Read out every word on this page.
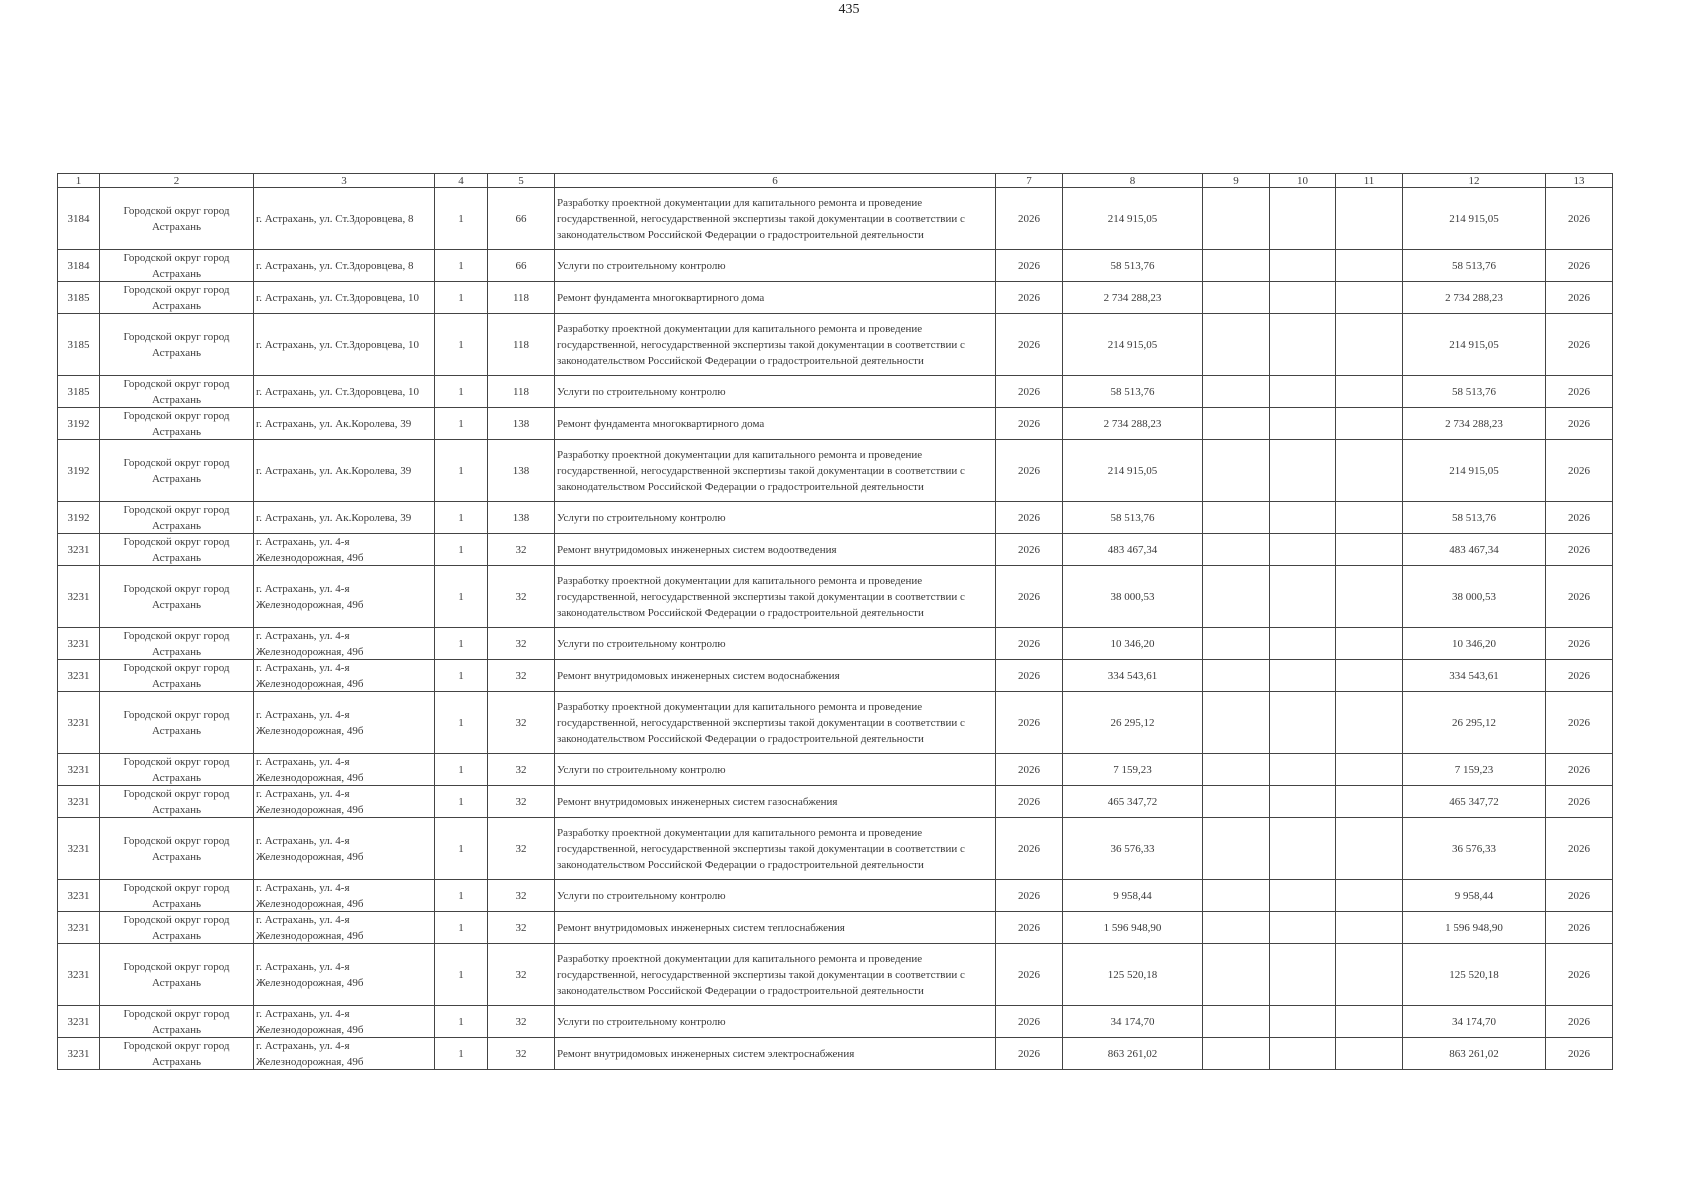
435
1	2	3	4	5	6	7	8	9	10	11	12	13

3184	Городской округ город Астрахань	г. Астрахань, ул. Ст.Здоровцева, 8	1	66	Разработку проектной документации для капитального ремонта и проведение государственной, негосударственной экспертизы такой документации в соответствии с законодательством Российской Федерации о градостроительной деятельности	2026	214 915,05				214 915,05	2026

3184	Городской округ город Астрахань	г. Астрахань, ул. Ст.Здоровцева, 8	1	66	Услуги по строительному контролю	2026	58 513,76				58 513,76	2026

3185	Городской округ город Астрахань	г. Астрахань, ул. Ст.Здоровцева, 10	1	118	Ремонт фундамента многоквартирного дома	2026	2 734 288,23				2 734 288,23	2026

3185	Городской округ город Астрахань	г. Астрахань, ул. Ст.Здоровцева, 10	1	118	Разработку проектной документации для капитального ремонта и проведение государственной, негосударственной экспертизы такой документации в соответствии с законодательством Российской Федерации о градостроительной деятельности	2026	214 915,05				214 915,05	2026

3185	Городской округ город Астрахань	г. Астрахань, ул. Ст.Здоровцева, 10	1	118	Услуги по строительному контролю	2026	58 513,76				58 513,76	2026

3192	Городской округ город Астрахань	г. Астрахань, ул. Ак.Королева, 39	1	138	Ремонт фундамента многоквартирного дома	2026	2 734 288,23				2 734 288,23	2026

3192	Городской округ город Астрахань	г. Астрахань, ул. Ак.Королева, 39	1	138	Разработку проектной документации для капитального ремонта и проведение государственной, негосударственной экспертизы такой документации в соответствии с законодательством Российской Федерации о градостроительной деятельности	2026	214 915,05				214 915,05	2026

3192	Городской округ город Астрахань	г. Астрахань, ул. Ак.Королева, 39	1	138	Услуги по строительному контролю	2026	58 513,76				58 513,76	2026

3231	Городской округ город Астрахань	г. Астрахань, ул. 4-я Железнодорожная, 49б	1	32	Ремонт внутридомовых инженерных систем водоотведения	2026	483 467,34				483 467,34	2026

3231	Городской округ город Астрахань	г. Астрахань, ул. 4-я Железнодорожная, 49б	1	32	Разработку проектной документации для капитального ремонта и проведение государственной, негосударственной экспертизы такой документации в соответствии с законодательством Российской Федерации о градостроительной деятельности	2026	38 000,53				38 000,53	2026

3231	Городской округ город Астрахань	г. Астрахань, ул. 4-я Железнодорожная, 49б	1	32	Услуги по строительному контролю	2026	10 346,20				10 346,20	2026

3231	Городской округ город Астрахань	г. Астрахань, ул. 4-я Железнодорожная, 49б	1	32	Ремонт внутридомовых инженерных систем водоснабжения	2026	334 543,61				334 543,61	2026

3231	Городской округ город Астрахань	г. Астрахань, ул. 4-я Железнодорожная, 49б	1	32	Разработку проектной документации для капитального ремонта и проведение государственной, негосударственной экспертизы такой документации в соответствии с законодательством Российской Федерации о градостроительной деятельности	2026	26 295,12				26 295,12	2026

3231	Городской округ город Астрахань	г. Астрахань, ул. 4-я Железнодорожная, 49б	1	32	Услуги по строительному контролю	2026	7 159,23				7 159,23	2026

3231	Городской округ город Астрахань	г. Астрахань, ул. 4-я Железнодорожная, 49б	1	32	Ремонт внутридомовых инженерных систем газоснабжения	2026	465 347,72				465 347,72	2026

3231	Городской округ город Астрахань	г. Астрахань, ул. 4-я Железнодорожная, 49б	1	32	Разработку проектной документации для капитального ремонта и проведение государственной, негосударственной экспертизы такой документации в соответствии с законодательством Российской Федерации о градостроительной деятельности	2026	36 576,33				36 576,33	2026

3231	Городской округ город Астрахань	г. Астрахань, ул. 4-я Железнодорожная, 49б	1	32	Услуги по строительному контролю	2026	9 958,44				9 958,44	2026

3231	Городской округ город Астрахань	г. Астрахань, ул. 4-я Железнодорожная, 49б	1	32	Ремонт внутридомовых инженерных систем теплоснабжения	2026	1 596 948,90				1 596 948,90	2026

3231	Городской округ город Астрахань	г. Астрахань, ул. 4-я Железнодорожная, 49б	1	32	Разработку проектной документации для капитального ремонта и проведение государственной, негосударственной экспертизы такой документации в соответствии с законодательством Российской Федерации о градостроительной деятельности	2026	125 520,18				125 520,18	2026

3231	Городской округ город Астрахань	г. Астрахань, ул. 4-я Железнодорожная, 49б	1	32	Услуги по строительному контролю	2026	34 174,70				34 174,70	2026

3231	Городской округ город Астрахань	г. Астрахань, ул. 4-я Железнодорожная, 49б	1	32	Ремонт внутридомовых инженерных систем электроснабжения	2026	863 261,02				863 261,02	2026
